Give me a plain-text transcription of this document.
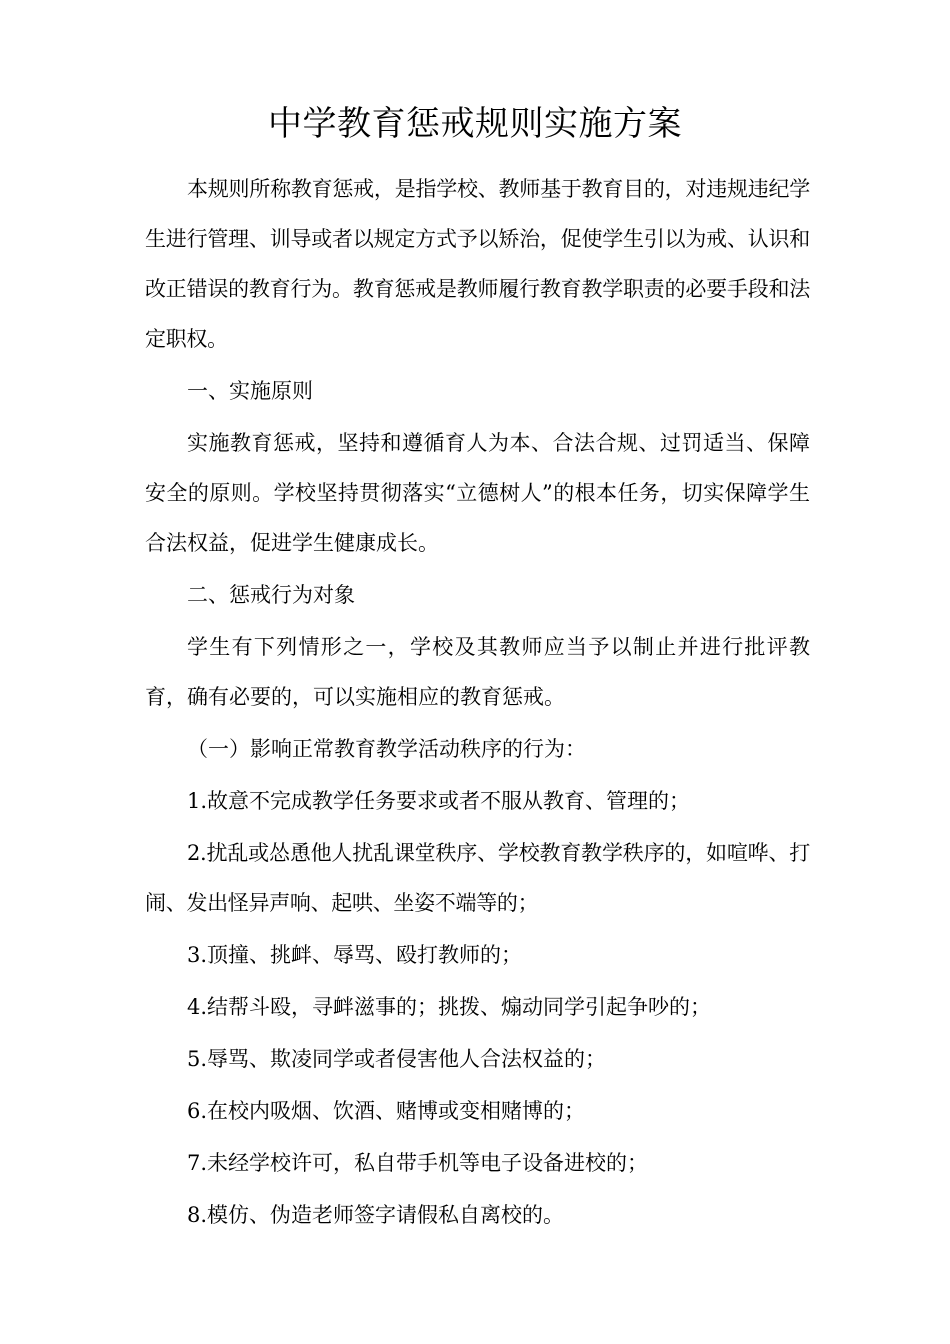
中学教育惩戒规则实施方案

本规则所称教育惩戒，是指学校、教师基于教育目的，对违规违纪学生进行管理、训导或者以规定方式予以矫治，促使学生引以为戒、认识和改正错误的教育行为。教育惩戒是教师履行教育教学职责的必要手段和法定职权。

一、实施原则

实施教育惩戒，坚持和遵循育人为本、合法合规、过罚适当、保障安全的原则。学校坚持贯彻落实“立德树人”的根本任务，切实保障学生合法权益，促进学生健康成长。

二、惩戒行为对象

学生有下列情形之一，学校及其教师应当予以制止并进行批评教育，确有必要的，可以实施相应的教育惩戒。

（一）影响正常教育教学活动秩序的行为：

1.故意不完成教学任务要求或者不服从教育、管理的；

2.扰乱或怂恿他人扰乱课堂秩序、学校教育教学秩序的，如喧哗、打闹、发出怪异声响、起哄、坐姿不端等的；

3.顶撞、挑衅、辱骂、殴打教师的；

4.结帮斗殴，寻衅滋事的；挑拨、煽动同学引起争吵的；

5.辱骂、欺凌同学或者侵害他人合法权益的；

6.在校内吸烟、饮酒、赌博或变相赌博的；

7.未经学校许可，私自带手机等电子设备进校的；

8.模仿、伪造老师签字请假私自离校的。
